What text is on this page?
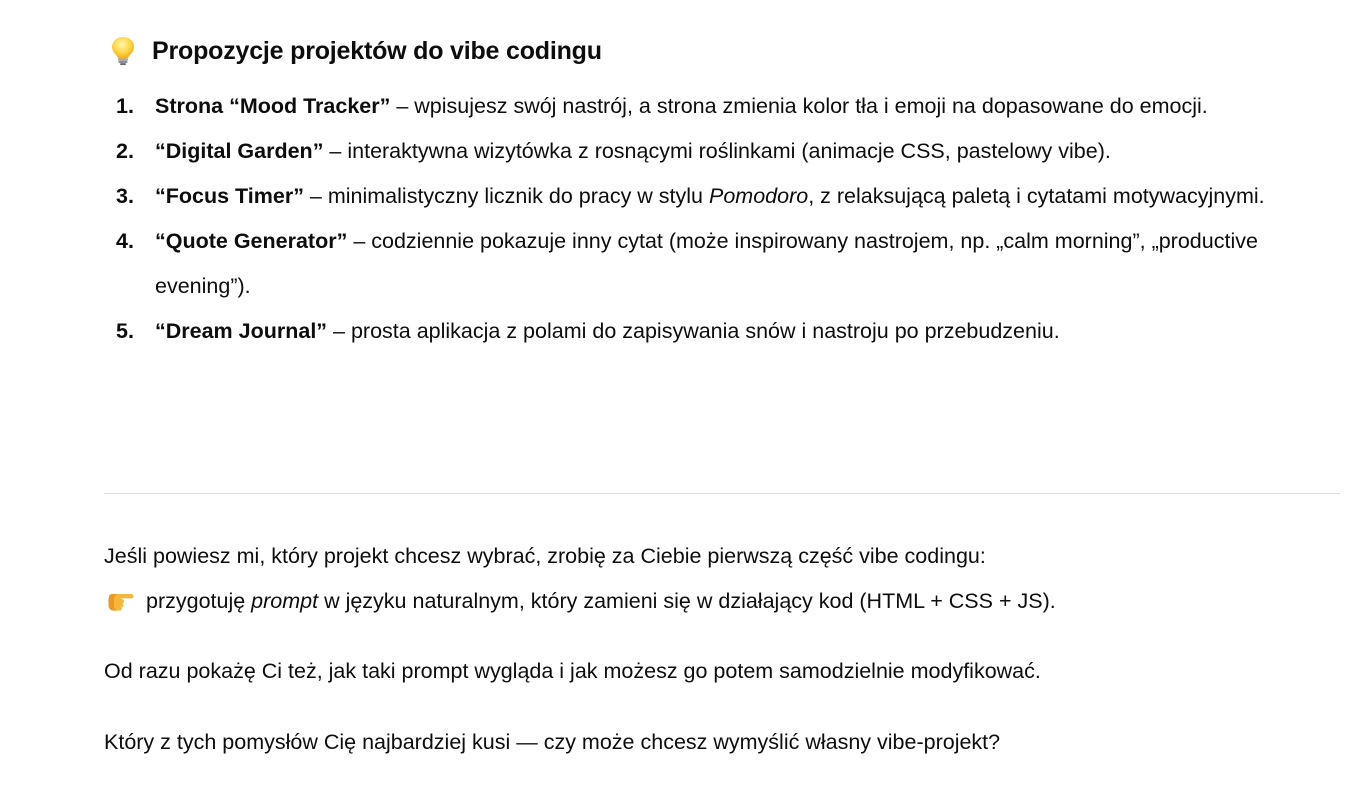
Propozycje projektów do vibe codingu
1. Strona “Mood Tracker” – wpisujesz swój nastrój, a strona zmienia kolor tła i emoji na dopasowane do emocji.
2. “Digital Garden” – interaktywna wizytówka z rosnącymi roślinkami (animacje CSS, pastelowy vibe).
3. “Focus Timer” – minimalistyczny licznik do pracy w stylu Pomodoro, z relaksującą paletą i cytatami motywacyjnymi.
4. “Quote Generator” – codziennie pokazuje inny cytat (może inspirowany nastrojem, np. „calm morning”, „productive evening”).
5. “Dream Journal” – prosta aplikacja z polami do zapisywania snów i nastroju po przebudzeniu.

Jeśli powiesz mi, który projekt chcesz wybrać, zrobię za Ciebie pierwszą część vibe codingu:
przygotuję prompt w języku naturalnym, który zamieni się w działający kod (HTML + CSS + JS).

Od razu pokażę Ci też, jak taki prompt wygląda i jak możesz go potem samodzielnie modyfikować.

Który z tych pomysłów Cię najbardziej kusi — czy może chcesz wymyślić własny vibe-projekt?
